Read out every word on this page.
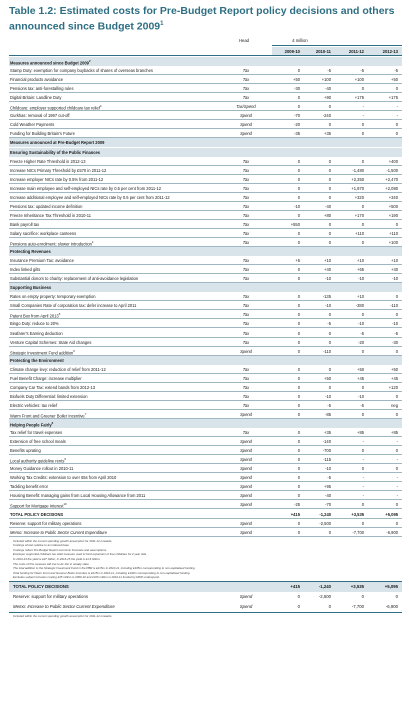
Table 1.2: Estimated costs for Pre-Budget Report policy decisions and others announced since Budget 2009$^1$
Head	£ million
2009-10	2010-11	2011-12	2012-13
Measures announced since Budget 2009$^2$
Stamp Duty: exemption for company buybacks of shares of overseas branches	Tax	0	-5	-5	-5
Financial products avoidance	Tax	+50	+100	+100	+50
Pensions tax: anti-forestalling rules	Tax	-30	-40	0	0
Digital Britain: Landline Duty	Tax	0	+90	+175	+175
Childcare: employer supported childcare tax relief$^3$	Tax/Spend	0	0	-	-
Gurkhas: removal of 1997 cut-off	Spend	-70	-240	-	-
Cold Weather Payments	Spend	-20	0	0	0
Funding for Building Britain's Future	Spend	-35	+35	0	0
Measures announced at Pre-Budget Report 2009
Ensuring Sustainability of the Public Finances
Freeze Higher Rate Threshold in 2012-13	Tax	0	0	0	+400
Increase NICs Primary Threshold by £570 in 2011-12	Tax	0	0	-1,480	-1,500
Increase employer NICs rate by 0.5% from 2011-12	Tax	0	0	+2,350	+2,470
Increase main employee and self-employed NICs rate by 0.5 per cent from 2011-12	Tax	0	0	+1,970	+2,080
Increase additional employee and self-employed NICs rate by 0.5 per cent from 2011-12	Tax	0	0	+320	+340
Pensions tax: updated income definition	Tax	-10	-40	0	+500
Freeze Inheritance Tax Threshold in 2010-11	Tax	0	+80	+170	+190
Bank payroll tax	Tax	+550	0	0	0
Salary sacrifice: workplace canteens	Tax	0	0	+110	+110
Pensions auto-enrolment: slower introduction$^4$	Tax	0	0	0	+100
Protecting Revenues
Insurance Premium Tax: avoidance	Tax	+5	+10	+10	+10
Index linked gilts	Tax	0	+40	+65	+40
Substantial donors to charity: replacement of anti-avoidance legislation	Tax	0	-10	-10	-10
Supporting Business
Rates on empty property: temporary exemption	Tax	0	-135	+10	0
Small Companies Rate of corporation tax: defer increase to April 2011	Tax	0	-10	-380	-110
Patent Box from April 2013$^5$	Tax	0	0	0	0
Bingo Duty: reduce to 20%	Tax	0	-5	-10	-10
Seafarer's Earning deduction	Tax	0	0	-5	-5
Venture Capital Schemes: State Aid changes	Tax	0	0	-20	-30
Strategic Investment Fund addition$^6$	Spend	0	-110	0	0
Protecting the Environment
Climate change levy: reduction of relief from 2011-12	Tax	0	0	+50	+50
Fuel Benefit Charge: increase multiplier	Tax	0	+50	+45	+45
Company Car Tax: extend bands from 2012-13	Tax	0	0	0	+120
Biofuels Duty Differential: limited extension	Tax	0	-10	-10	0
Electric vehicles: tax relief	Tax	0	-5	-5	neg
Warm Front and Greener Boiler Incentive$^7$	Spend	0	-85	0	0
Helping People Fairly$^8$
Tax relief for travel expenses	Tax	0	+35	+85	+85
Extension of free school meals	Spend	0	-140	-	-
Benefits uprating	Spend	0	-700	0	0
Local authority guideline rents$^9$	Spend	0	-115	-	-
Money Guidance rollout in 2010-11	Spend	0	-10	0	0
Working Tax Credits: extension to over 65s from April 2010	Spend	0	-5	-	-
Tackling benefit error	Spend	0	+95	-	-
Housing Benefit: managing gains from Local Housing Allowance from 2011	Spend	0	-40	-	-
Support for Mortgage Interest$^{10}$	Spend	-25	-70	0	0
TOTAL POLICY DECISIONS	+415	-1,240	+3,535	+5,095
Reserve: support for military operations	Spend	0	-2,500	0	0
Memo: Increase to Public Sector Current Expenditure	Spend	0	0	-7,700	-6,900
Included within the current spending growth assumption for 2011-12 onwards.
Costings shown relative to an indexed base.
Costings reflect Pre-Budget Report economic forecasts and assumptions.
Employer supported childcare tax relief measure used to fund expansion of free childcare for 2 year olds.
In 2013-14 the yield is £47 billion; in 2014-15 the yield is £1.6 billion.
The costs of this measure will rise to £1.1bn in steady state.
The total addition to the Strategic Investment Fund in the PBR is £215m in 2010-11, including £105m corresponding to non-capitalised funding.
Total funding for Warm Front and Greener Boiler Incentive is £215m in 2010-11, including £130m corresponding to non-capitalised funding.
Excludes subject inclusion costing £45 million in 2009-10 and £315 million in 2010-11 funded by DWP underspend.
TOTAL POLICY DECISIONS	+415	-1,240	+3,535	+5,095
Reserve: support for military operations	Spend	0	-2,500	0	0
Memo: Increase to Public Sector Current Expenditure	Spend	0	0	-7,700	-6,900
Included within the current spending growth assumption for 2011-12 onwards.
